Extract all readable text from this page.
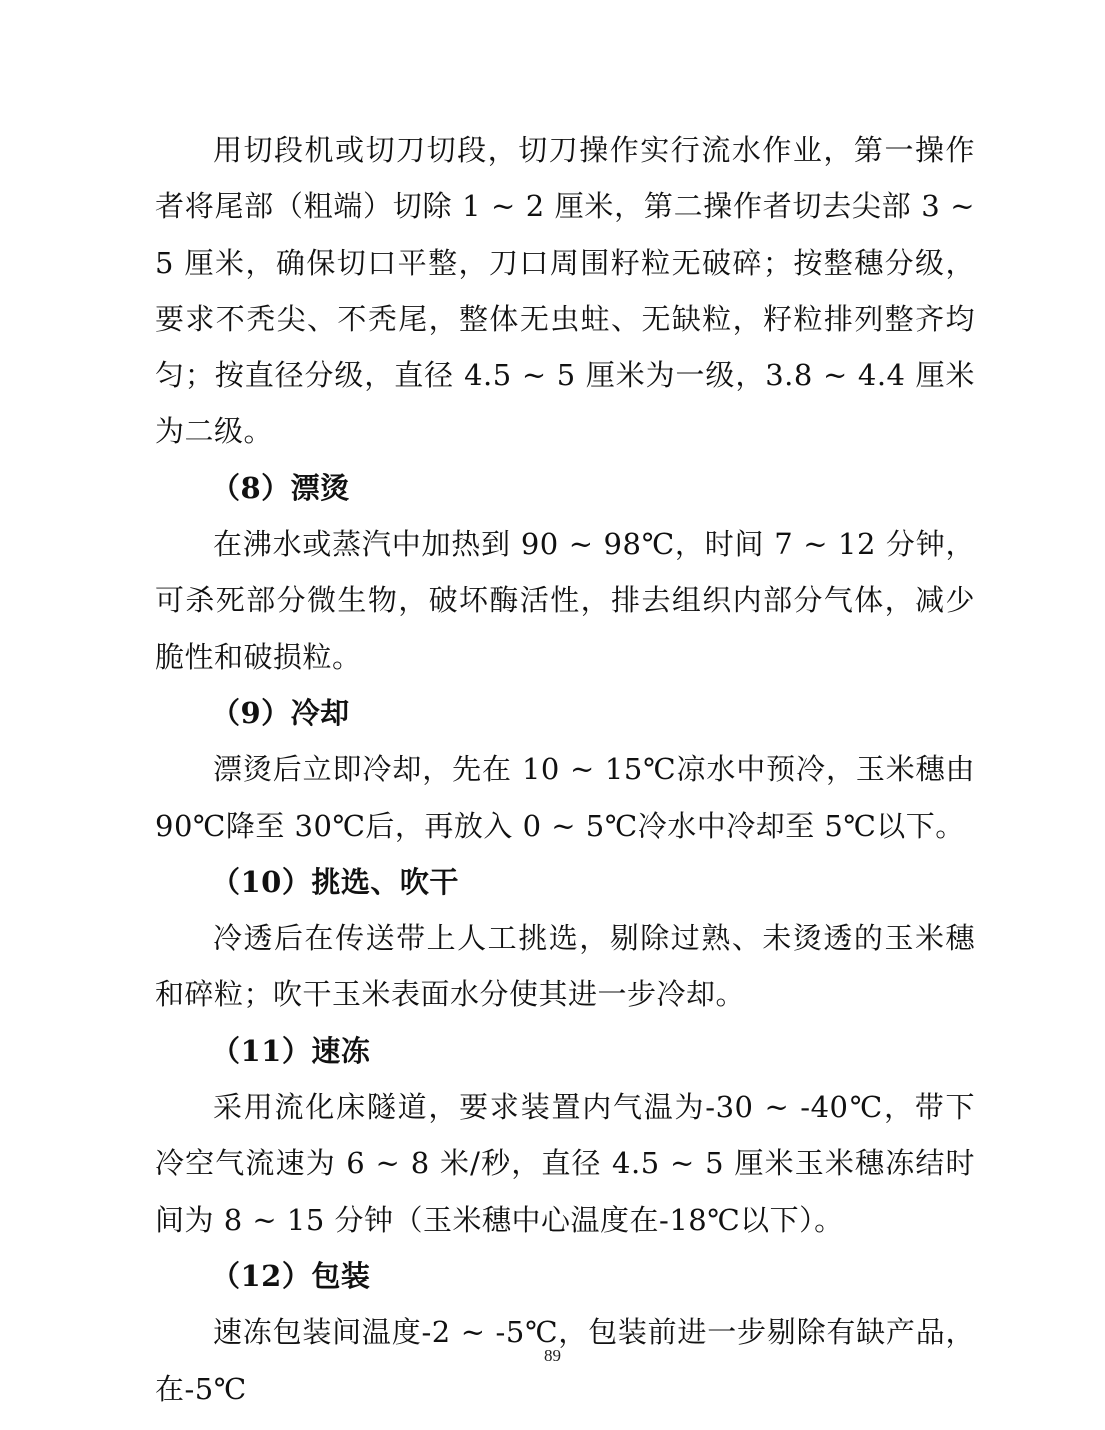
用切段机或切刀切段，切刀操作实行流水作业，第一操作者将尾部（粗端）切除 1 ~ 2 厘米，第二操作者切去尖部 3 ~ 5 厘米，确保切口平整，刀口周围籽粒无破碎；按整穗分级，要求不秃尖、不秃尾，整体无虫蛀、无缺粒，籽粒排列整齐均匀；按直径分级，直径 4.5 ~ 5 厘米为一级，3.8 ~ 4.4 厘米为二级。

（8）漂烫

在沸水或蒸汽中加热到 90 ~ 98℃，时间 7 ~ 12 分钟，可杀死部分微生物，破坏酶活性，排去组织内部分气体，减少脆性和破损粒。

（9）冷却

漂烫后立即冷却，先在 10 ~ 15℃凉水中预冷，玉米穗由 90℃降至 30℃后，再放入 0 ~ 5℃冷水中冷却至 5℃以下。

（10）挑选、吹干

冷透后在传送带上人工挑选，剔除过熟、未烫透的玉米穗和碎粒；吹干玉米表面水分使其进一步冷却。

（11）速冻

采用流化床隧道，要求装置内气温为-30 ~ -40℃，带下冷空气流速为 6 ~ 8 米/秒，直径 4.5 ~ 5 厘米玉米穗冻结时间为 8 ~ 15 分钟（玉米穗中心温度在-18℃以下）。

（12）包装

速冻包装间温度-2 ~ -5℃，包装前进一步剔除有缺产品，在-5℃

89
